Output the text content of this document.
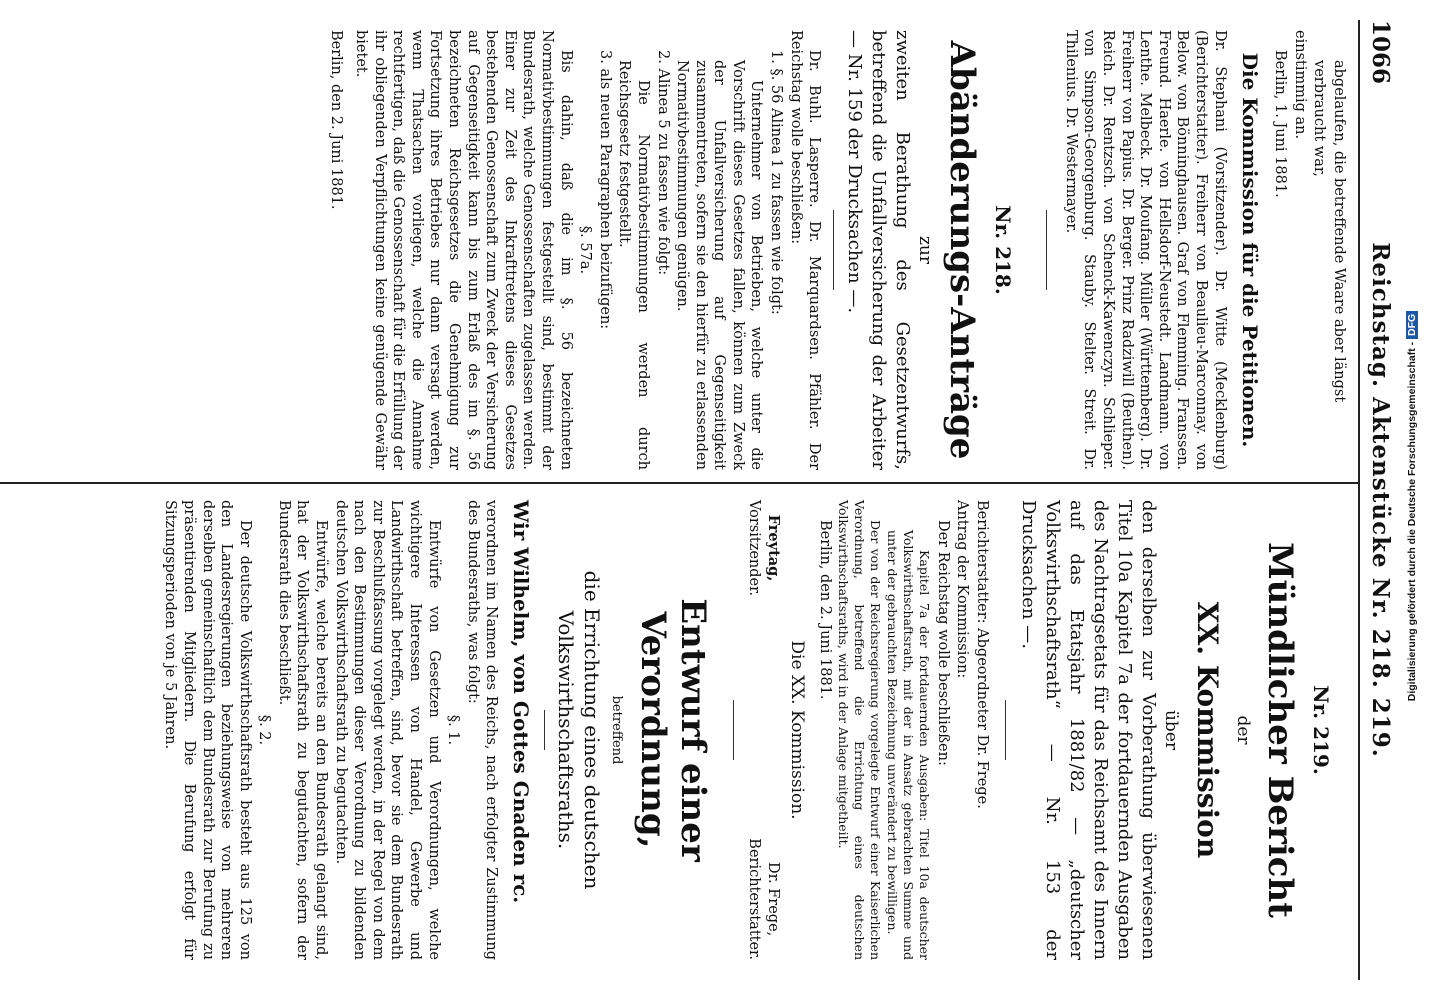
1066
Reichstag. Aktenstücke Nr. 218. 219.

abgelaufen, die betreffende Waare aber längst

verbraucht war,

einstimmig an.

Berlin, 1. Juni 1881.

Die Kommission für die Petitionen.

Dr. Stephani (Vorsitzender). Dr. Witte (Mecklenburg) (Berichterstatter). Freiherr von Beaulieu-Marconnay. von Below. von Bönninghausen. Graf von Flemming. Franssen. Freund. Haerle. von Hellsdorf-Neustedt. Landmann. von Lenthe. Melbeck. Dr. Moufang. Müller (Württemberg). Dr. Freiherr von Papius. Dr. Berger. Prinz Radziwill (Beuthen). Reich. Dr. Rentzsch. von Schenck-Kawenczyn. Schlieper. von Simpson-Georgenburg. Stauby. Stelter. Streit. Dr. Thilenius. Dr. Westermayer.

Nr. 218.
Abänderungs-Anträge
zur

zweiten Berathung des Gesetzentwurfs, betreffend die Unfallversicherung der Arbeiter — Nr. 159 der Drucksachen —.

Dr. Buhl. Lasperre. Dr. Marquardsen. Pfähler. Der Reichstag wolle beschließen:

1. §. 56 Alinea 1 zu fassen wie folgt:

Unternehmer von Betrieben, welche unter die Vorschrift dieses Gesetzes fallen, können zum Zweck der Unfallversicherung auf Gegenseitigkeit zusammentreten, sofern sie den hierfür zu erlassenden Normativbestimmungen genügen.

2. Alinea 5 zu fassen wie folgt:

Die Normativbestimmungen werden durch Reichsgesetz festgestellt.

3. als neuen Paragraphen beizufügen:

§. 57a.

Bis dahin, daß die im §. 56 bezeichneten Normativbestimmungen festgestellt sind, bestimmt der Bundesrath, welche Genossenschaften zugelassen werden. Einer zur Zeit des Inkrafttretens dieses Gesetzes bestehenden Genossenschaft zum Zweck der Versicherung auf Gegenseitigkeit kann bis zum Erlaß des im §. 56 bezeichneten Reichsgesetzes die Genehmigung zur Fortsetzung ihres Betriebes nur dann versagt werden, wenn Thatsachen vorliegen, welche die Annahme rechtfertigen, daß die Genossenschaft für die Erfüllung der ihr obliegenden Verpflichtungen keine genügende Gewähr bietet.

Berlin, den 2. Juni 1881.

Nr. 219.
Mündlicher Bericht
der
XX. Kommission
über

den derselben zur Vorberathung überwiesenen Titel 10a Kapitel 7a der fortdauernden Ausgaben des Nachtragsetats für das Reichsamt des Innern auf das Etatsjahr 1881/82 — „deutscher Volkswirthschaftsrath“ — Nr. 153 der Drucksachen —.

Berichterstatter: Abgeordneter Dr. Frege.

Antrag der Kommission:

Der Reichstag wolle beschließen:

Kapitel 7a der fortdauernden Ausgaben: Titel 10a deutscher Volkswirthschaftsrath, mit der in Ansatz gebrachten Summe und unter der gebrauchten Bezeichnung unverändert zu bewilligen.

Der von der Reichsregierung vorgelegte Entwurf einer Kaiserlichen Verordnung, betreffend die Errichtung eines deutschen Volkswirthschaftsraths, wird in der Anlage mitgetheilt.

Berlin, den 2. Juni 1881.

Die XX. Kommission.
Freytag,
Vorsitzender.
Dr. Frege,
Berichterstatter.
Entwurf einer Verordnung,
betreffend
die Errichtung eines deutschen Volkswirthschaftsraths.
Wir Wilhelm, von Gottes Gnaden rc.

verordnen im Namen des Reichs, nach erfolgter Zustimmung des Bundesraths, was folgt:

§. 1.

Entwürfe von Gesetzen und Verordnungen, welche wichtigere Interessen von Handel, Gewerbe und Landwirthschaft betreffen, sind, bevor sie dem Bundesrath zur Beschlußfassung vorgelegt werden, in der Regel von dem nach den Bestimmungen dieser Verordnung zu bildenden deutschen Volkswirthschaftsrath zu begutachten.

Entwürfe, welche bereits an den Bundesrath gelangt sind, hat der Volkswirthschaftsrath zu begutachten, sofern der Bundesrath dies beschließt.

§. 2.

Der deutsche Volkswirthschaftsrath besteht aus 125 von den Landesregierungen beziehungsweise von mehreren derselben gemeinschaftlich dem Bundesrath zur Berufung zu präsentirenden Mitgliedern. Die Berufung erfolgt für Sitzungsperioden von je 5 Jahren.	Digitalisierung gefördert durch die Deutsche Forschungsgemeinschaft - DFG
